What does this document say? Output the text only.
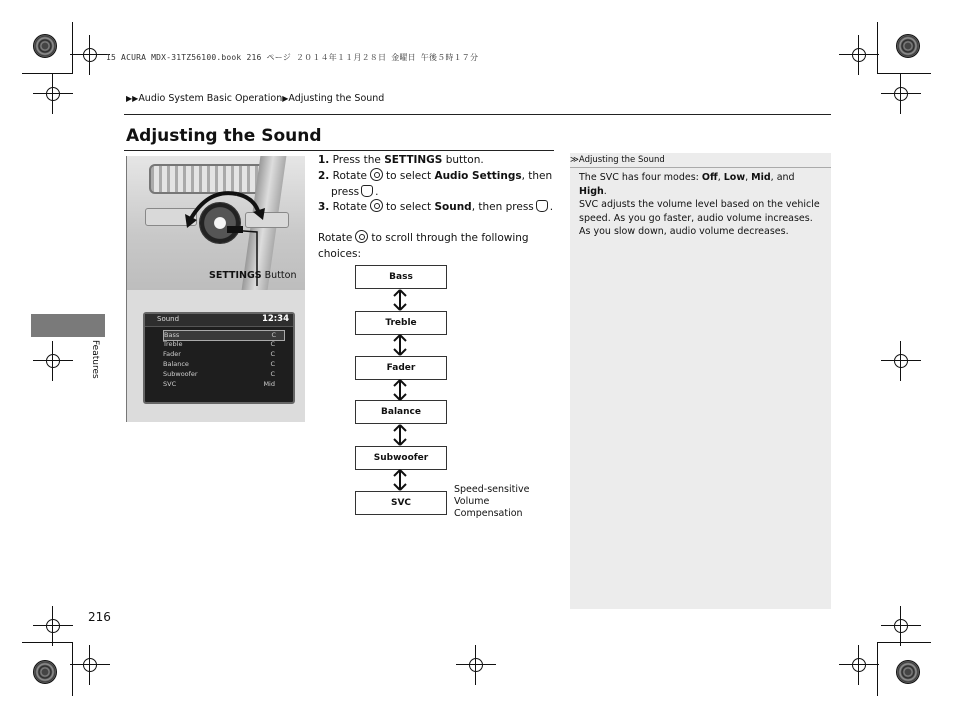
15 ACURA MDX-31TZ56100.book 216 ページ ２０１４年１１月２８日 金曜日 午後５時１７分
▶▶Audio System Basic Operation▶Adjusting the Sound
Adjusting the Sound
SETTINGS Button
Sound	12:34
Bass	C
Treble	C
Fader	C
Balance	C
Subwoofer	C
SVC	Mid
1. Press the SETTINGS button.
2. Rotate to select Audio Settings, then
press .
3. Rotate to select Sound, then press .
Rotate to scroll through the following
choices:
Bass
Treble
Fader
Balance
Subwoofer
SVC
Speed-sensitive
Volume
Compensation
≫Adjusting the Sound
The SVC has four modes: Off, Low, Mid, and High.
SVC adjusts the volume level based on the vehicle speed. As you go faster, audio volume increases. As you slow down, audio volume decreases.
Features
216
